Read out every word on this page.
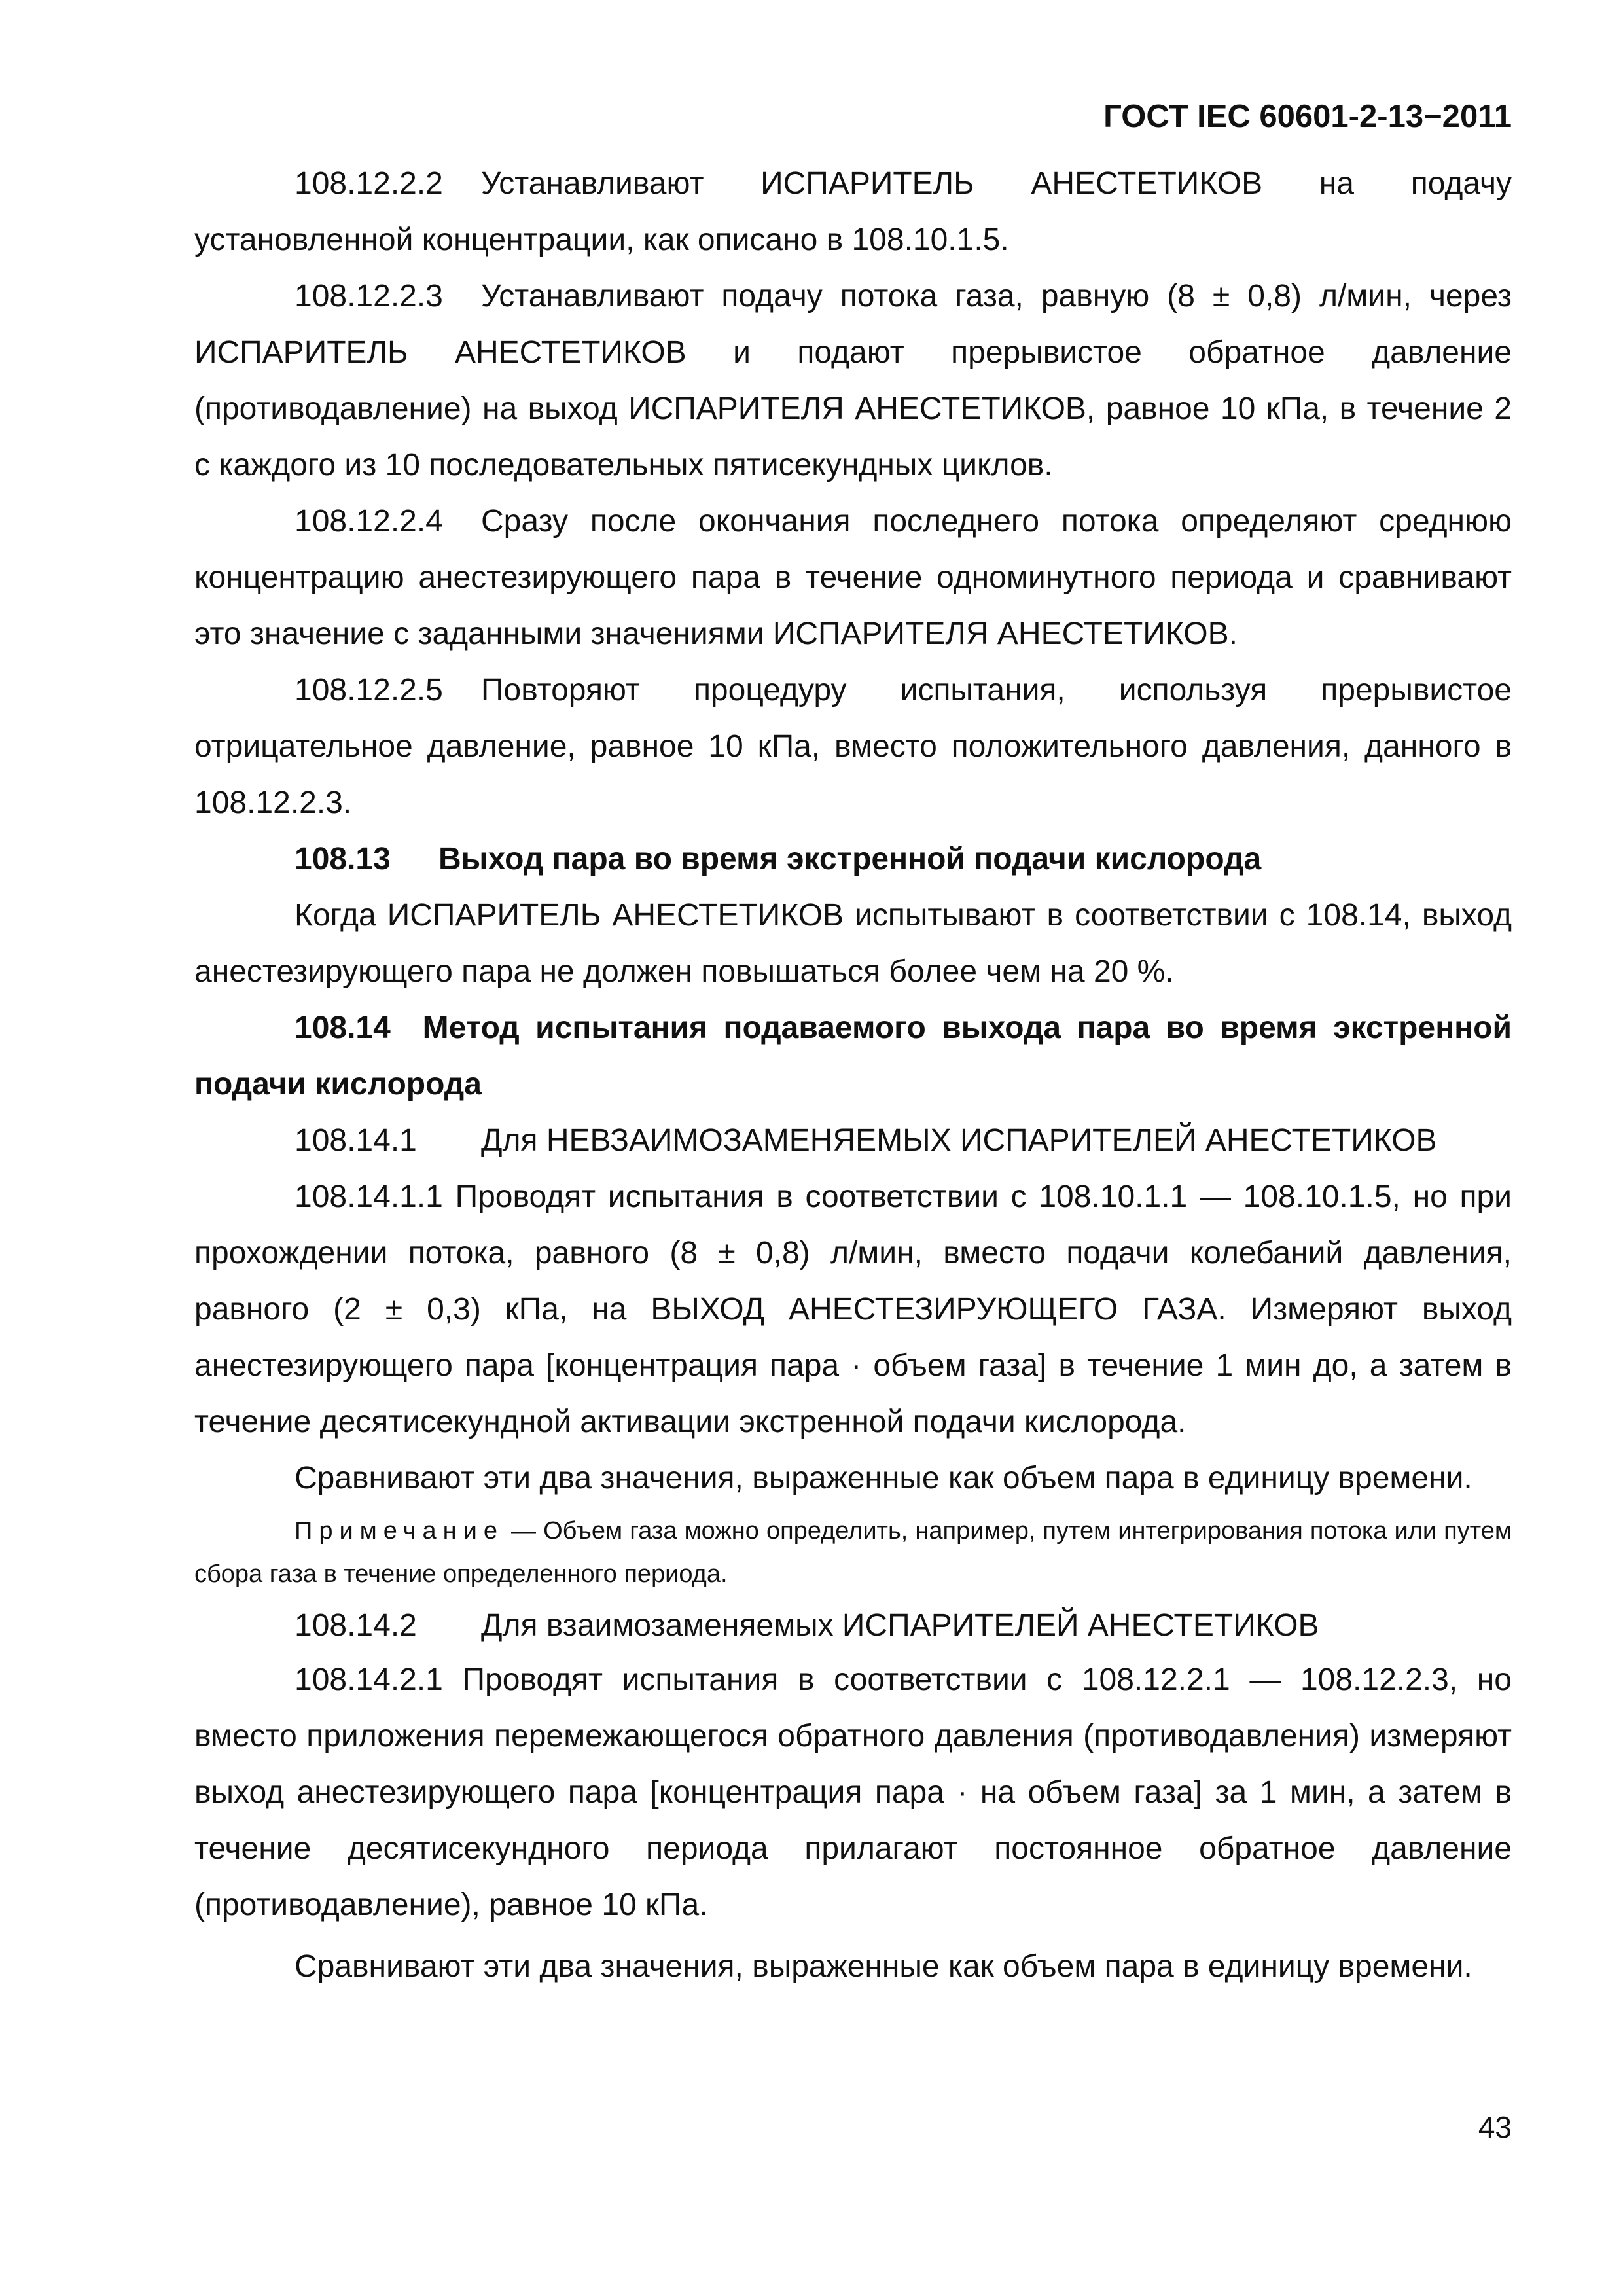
ГОСТ IEC 60601-2-13−2011

108.12.2.2 Устанавливают ИСПАРИТЕЛЬ АНЕСТЕТИКОВ на подачу установленной концентрации, как описано в 108.10.1.5.

108.12.2.3 Устанавливают подачу потока газа, равную (8 ± 0,8) л/мин, через ИСПАРИТЕЛЬ АНЕСТЕТИКОВ и подают прерывистое обратное давление (противодавление) на выход ИСПАРИТЕЛЯ АНЕСТЕТИКОВ, равное 10 кПа, в течение 2 с каждого из 10 последовательных пятисекундных циклов.

108.12.2.4 Сразу после окончания последнего потока определяют среднюю концентрацию анестезирующего пара в течение одноминутного периода и сравнивают это значение с заданными значениями ИСПАРИТЕЛЯ АНЕСТЕТИКОВ.

108.12.2.5 Повторяют процедуру испытания, используя прерывистое отрицательное давление, равное 10 кПа, вместо положительного давления, данного в 108.12.2.3.

108.13 Выход пара во время экстренной подачи кислорода

Когда ИСПАРИТЕЛЬ АНЕСТЕТИКОВ испытывают в соответствии с 108.14, выход анестезирующего пара не должен повышаться более чем на 20 %.

108.14 Метод испытания подаваемого выхода пара во время экстренной подачи кислорода

108.14.1 Для НЕВЗАИМОЗАМЕНЯЕМЫХ ИСПАРИТЕЛЕЙ АНЕСТЕТИКОВ

108.14.1.1 Проводят испытания в соответствии с 108.10.1.1 — 108.10.1.5, но при прохождении потока, равного (8 ± 0,8) л/мин, вместо подачи колебаний давления, равного (2 ± 0,3) кПа, на ВЫХОД АНЕСТЕЗИРУЮЩЕГО ГАЗА. Измеряют выход анестезирующего пара [концентрация пара · объем газа] в течение 1 мин до, а затем в течение десятисекундной активации экстренной подачи кислорода.

Сравнивают эти два значения, выраженные как объем пара в единицу времени.

Примечание — Объем газа можно определить, например, путем интегрирования потока или путем сбора газа в течение определенного периода.

108.14.2 Для взаимозаменяемых ИСПАРИТЕЛЕЙ АНЕСТЕТИКОВ

108.14.2.1 Проводят испытания в соответствии с 108.12.2.1 — 108.12.2.3, но вместо приложения перемежающегося обратного давления (противодавления) измеряют выход анестезирующего пара [концентрация пара · на объем газа] за 1 мин, а затем в течение десятисекундного периода прилагают постоянное обратное давление (противодавление), равное 10 кПа.

Сравнивают эти два значения, выраженные как объем пара в единицу времени.

43
